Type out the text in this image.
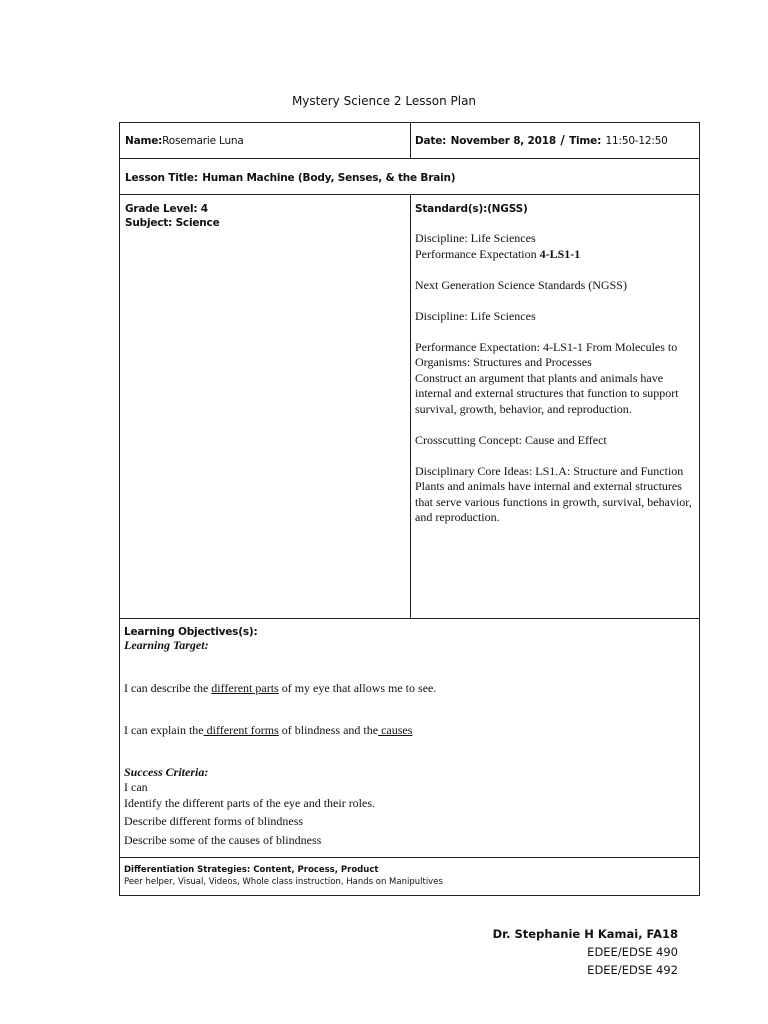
Mystery Science 2 Lesson Plan
Name:Rosemarie Luna	Date: November 8, 2018 / Time: 11:50-12:50
Lesson Title: Human Machine (Body, Senses, & the Brain)
Grade Level: 4
Subject: Science
Standard(s):(NGSS)
Discipline: Life Sciences
Performance Expectation 4-LS1-1
Next Generation Science Standards (NGSS)
Discipline: Life Sciences
Performance Expectation: 4-LS1-1 From Molecules to Organisms: Structures and Processes
Construct an argument that plants and animals have internal and external structures that function to support survival, growth, behavior, and reproduction.
Crosscutting Concept: Cause and Effect
Disciplinary Core Ideas: LS1.A: Structure and Function
Plants and animals have internal and external structures that serve various functions in growth, survival, behavior, and reproduction.
Learning Objectives(s):
Learning Target:
I can describe the different parts of my eye that allows me to see.
I can explain the different forms of blindness and the causes
Success Criteria:
I can
Identify the different parts of the eye and their roles.
Describe different forms of blindness
Describe some of the causes of blindness
Differentiation Strategies: Content, Process, Product
Peer helper, Visual, Videos, Whole class instruction, Hands on Manipultives
Dr. Stephanie H Kamai, FA18
EDEE/EDSE 490
EDEE/EDSE 492
